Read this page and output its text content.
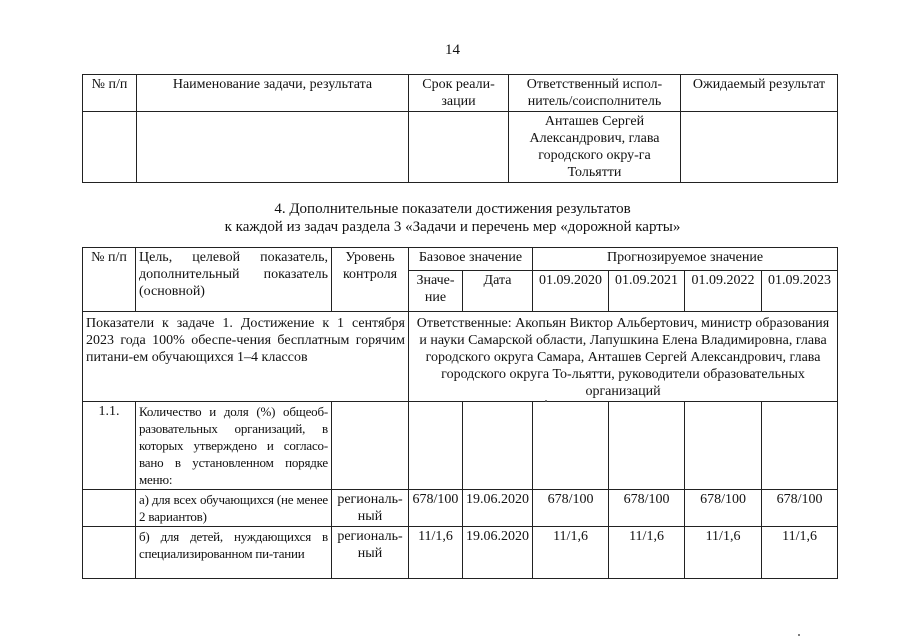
14
№ п/п	Наименование задачи, результата	Срок реали-зации	Ответственный испол-нитель/соисполнитель	Ожидаемый результат
			Анташев Сергей Александрович, глава городского окру-га Тольятти	
4. Дополнительные показатели достижения результатов
к каждой из задач раздела 3 «Задачи и перечень мер «дорожной карты»
№ п/п	Цель, целевой показатель, дополнительный показатель (основной)	Уровень контроля	Базовое значение		Прогнозируемое значение			
			Значе-ние	Дата	01.09.2020	01.09.2021	01.09.2022	01.09.2023
Показатели к задаче 1. Достижение к 1 сентября 2023 года 100% обеспе-чения бесплатным горячим питани-ем обучающихся 1–4 классов			Ответственные: Акопьян Виктор Альбертович, министр образования и науки Самарской области, Лапушкина Елена Владимировна, глава городского округа Самара, Анташев Сергей Александрович, глава городского округа То-льятти, руководители образовательных организаций					
1.1.	Количество и доля (%) общеоб-разовательных организаций, в которых утверждено и согласо-вано в установленном порядке меню:							
	а) для всех обучающихся (не менее 2 вариантов)	региональ-ный	678/100	19.06.2020	678/100	678/100	678/100	678/100
	б) для детей, нуждающихся в специализированном пи-тании	региональ-ный	11/1,6	19.06.2020	11/1,6	11/1,6	11/1,6	11/1,6
